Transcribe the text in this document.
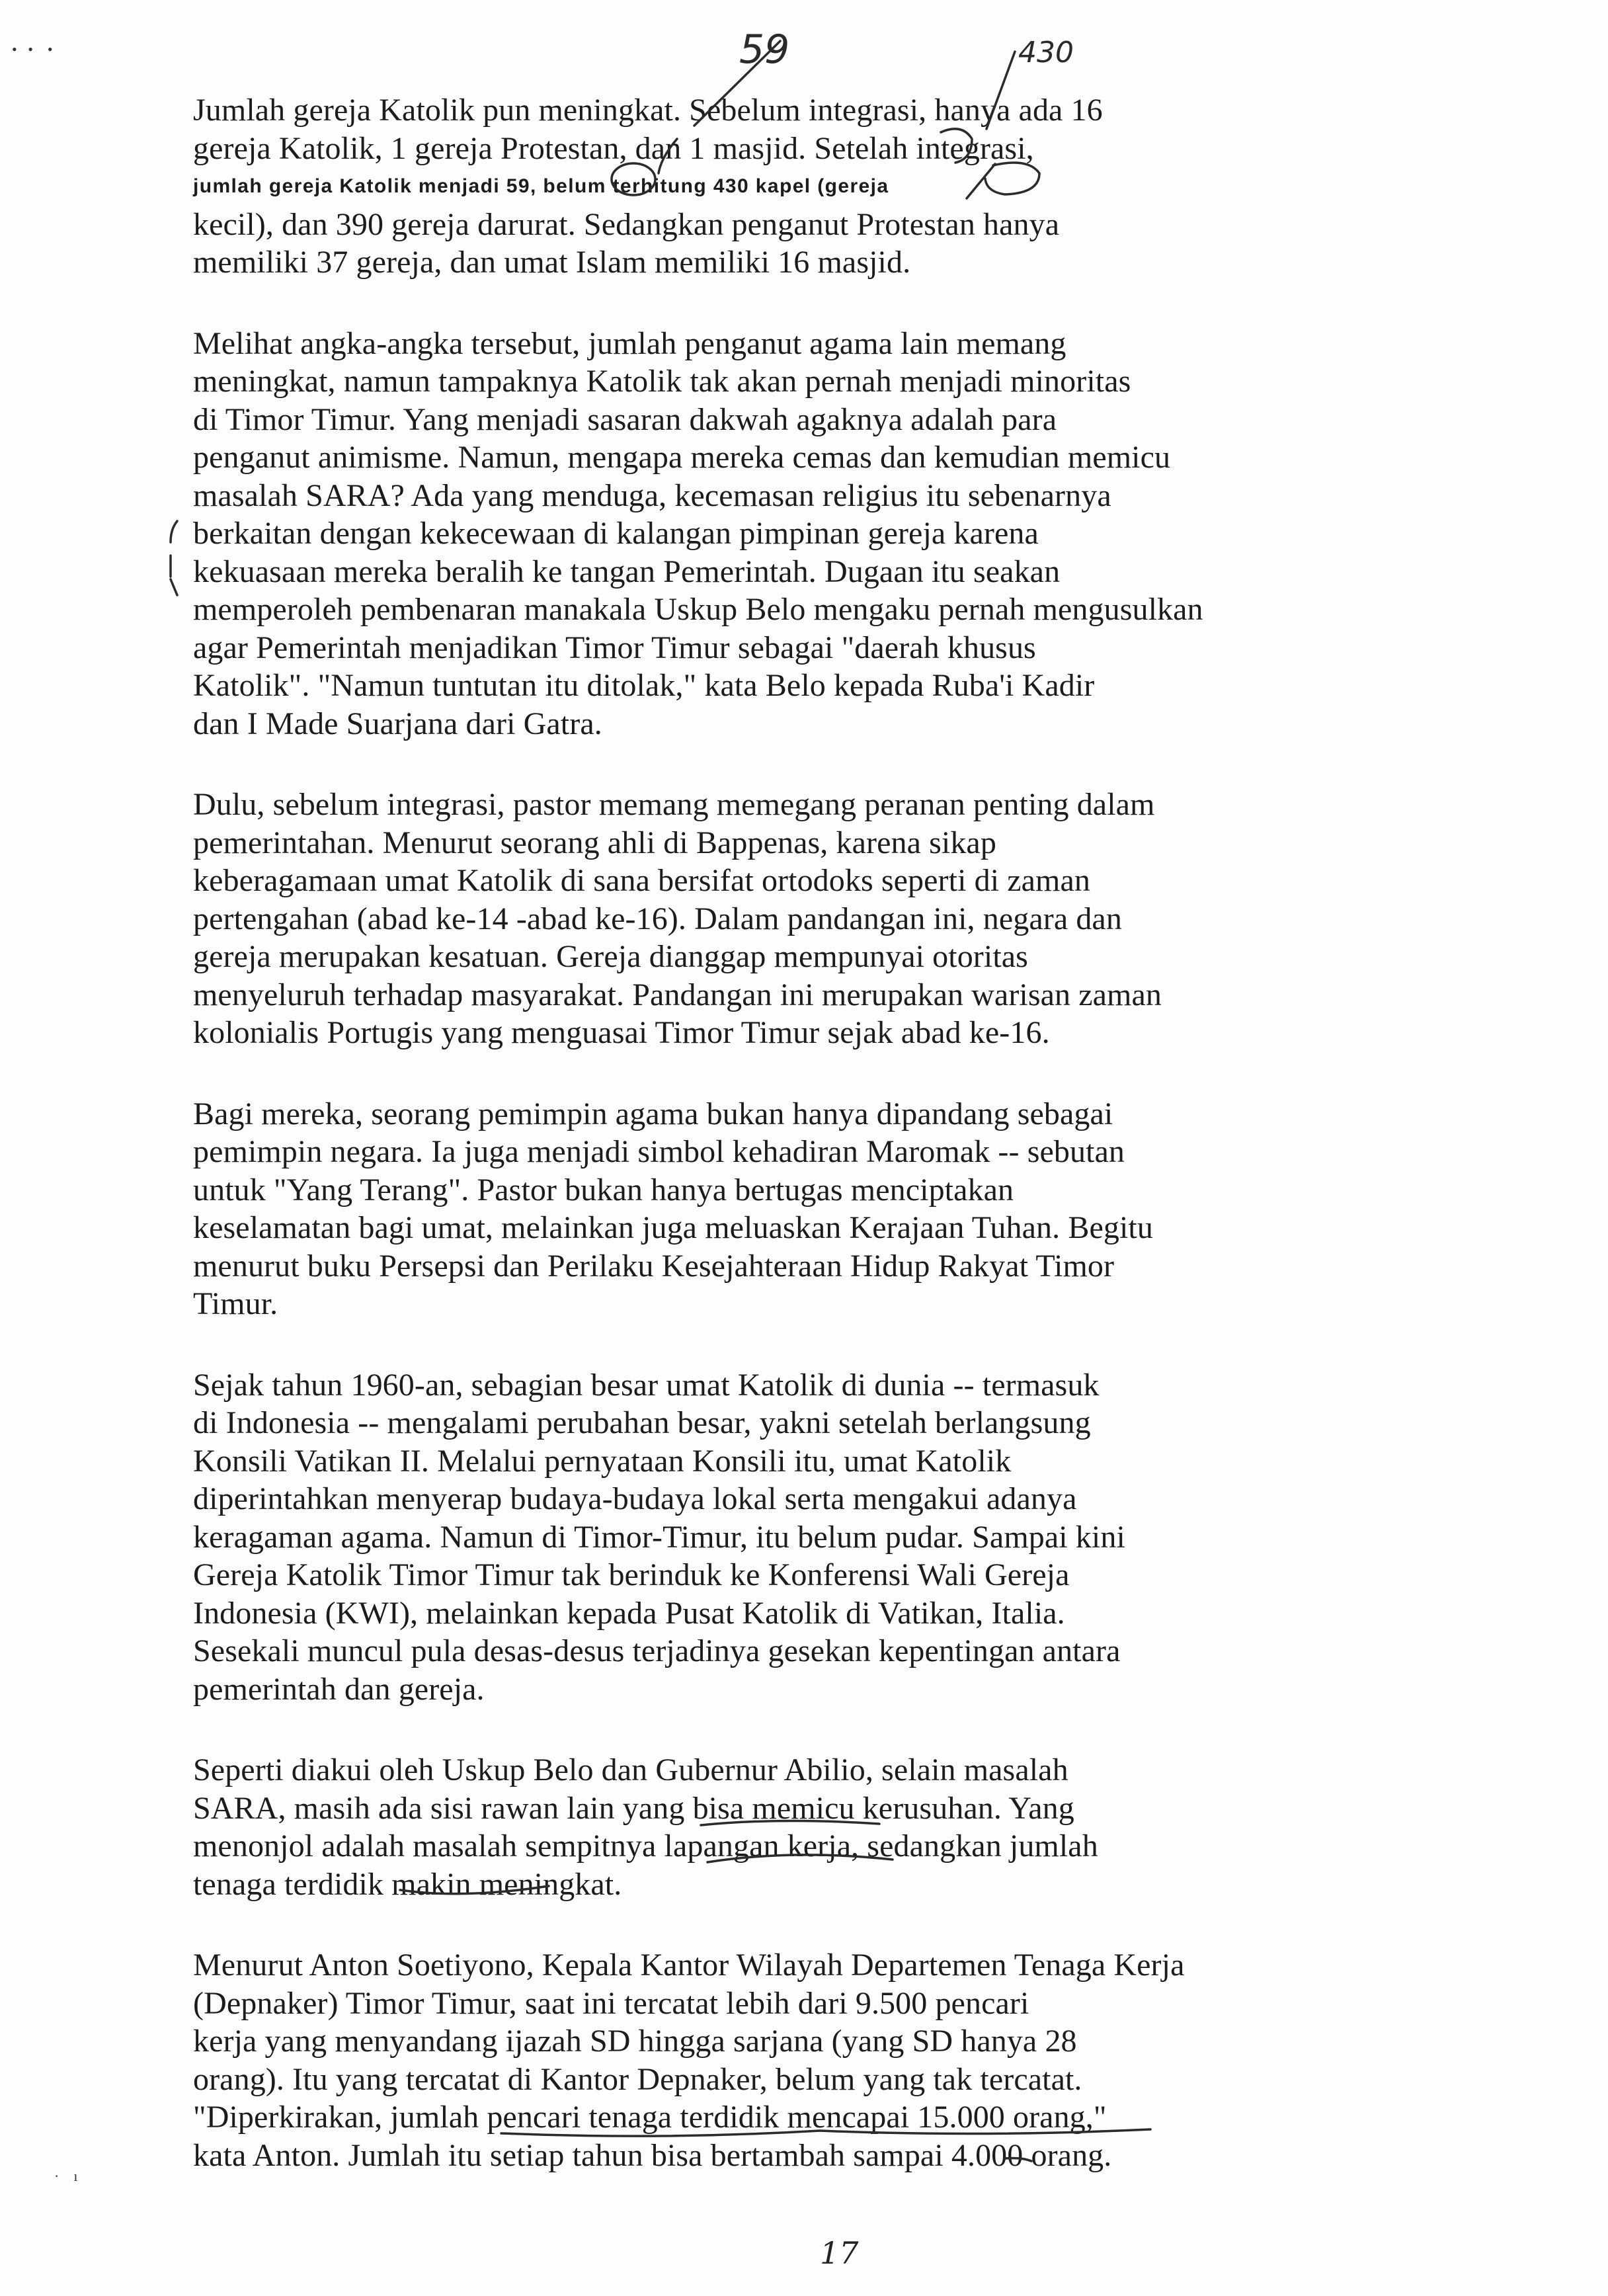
•   •    •
·    ı
59	430
Jumlah gereja Katolik pun meningkat. Sebelum integrasi, hanya ada 16
gereja Katolik, 1 gereja Protestan, dan 1 masjid. Setelah integrasi,
jumlah gereja Katolik menjadi 59, belum terhitung 430 kapel (gereja
kecil), dan 390 gereja darurat. Sedangkan penganut Protestan hanya
memiliki 37 gereja, dan umat Islam memiliki 16 masjid.
Melihat angka-angka tersebut, jumlah penganut agama lain memang
meningkat, namun tampaknya Katolik tak akan pernah menjadi minoritas
di Timor Timur. Yang menjadi sasaran dakwah agaknya adalah para
penganut animisme. Namun, mengapa mereka cemas dan kemudian memicu
masalah SARA? Ada yang menduga, kecemasan religius itu sebenarnya
berkaitan dengan kekecewaan di kalangan pimpinan gereja karena
kekuasaan mereka beralih ke tangan Pemerintah. Dugaan itu seakan
memperoleh pembenaran manakala Uskup Belo mengaku pernah mengusulkan
agar Pemerintah menjadikan Timor Timur sebagai "daerah khusus
Katolik". "Namun tuntutan itu ditolak," kata Belo kepada Ruba'i Kadir
dan I Made Suarjana dari Gatra.
Dulu, sebelum integrasi, pastor memang memegang peranan penting dalam
pemerintahan. Menurut seorang ahli di Bappenas, karena sikap
keberagamaan umat Katolik di sana bersifat ortodoks seperti di zaman
pertengahan (abad ke-14 -abad ke-16). Dalam pandangan ini, negara dan
gereja merupakan kesatuan. Gereja dianggap mempunyai otoritas
menyeluruh terhadap masyarakat. Pandangan ini merupakan warisan zaman
kolonialis Portugis yang menguasai Timor Timur sejak abad ke-16.
Bagi mereka, seorang pemimpin agama bukan hanya dipandang sebagai
pemimpin negara. Ia juga menjadi simbol kehadiran Maromak -- sebutan
untuk "Yang Terang". Pastor bukan hanya bertugas menciptakan
keselamatan bagi umat, melainkan juga meluaskan Kerajaan Tuhan. Begitu
menurut buku Persepsi dan Perilaku Kesejahteraan Hidup Rakyat Timor
Timur.
Sejak tahun 1960-an, sebagian besar umat Katolik di dunia -- termasuk
di Indonesia -- mengalami perubahan besar, yakni setelah berlangsung
Konsili Vatikan II. Melalui pernyataan Konsili itu, umat Katolik
diperintahkan menyerap budaya-budaya lokal serta mengakui adanya
keragaman agama. Namun di Timor-Timur, itu belum pudar. Sampai kini
Gereja Katolik Timor Timur tak berinduk ke Konferensi Wali Gereja
Indonesia (KWI), melainkan kepada Pusat Katolik di Vatikan, Italia.
Sesekali muncul pula desas-desus terjadinya gesekan kepentingan antara
pemerintah dan gereja.
Seperti diakui oleh Uskup Belo dan Gubernur Abilio, selain masalah
SARA, masih ada sisi rawan lain yang bisa memicu kerusuhan. Yang
menonjol adalah masalah sempitnya lapangan kerja, sedangkan jumlah
tenaga terdidik makin meningkat.
Menurut Anton Soetiyono, Kepala Kantor Wilayah Departemen Tenaga Kerja
(Depnaker) Timor Timur, saat ini tercatat lebih dari 9.500 pencari
kerja yang menyandang ijazah SD hingga sarjana (yang SD hanya 28
orang). Itu yang tercatat di Kantor Depnaker, belum yang tak tercatat.
"Diperkirakan, jumlah pencari tenaga terdidik mencapai 15.000 orang,"
kata Anton. Jumlah itu setiap tahun bisa bertambah sampai 4.000 orang.
17
